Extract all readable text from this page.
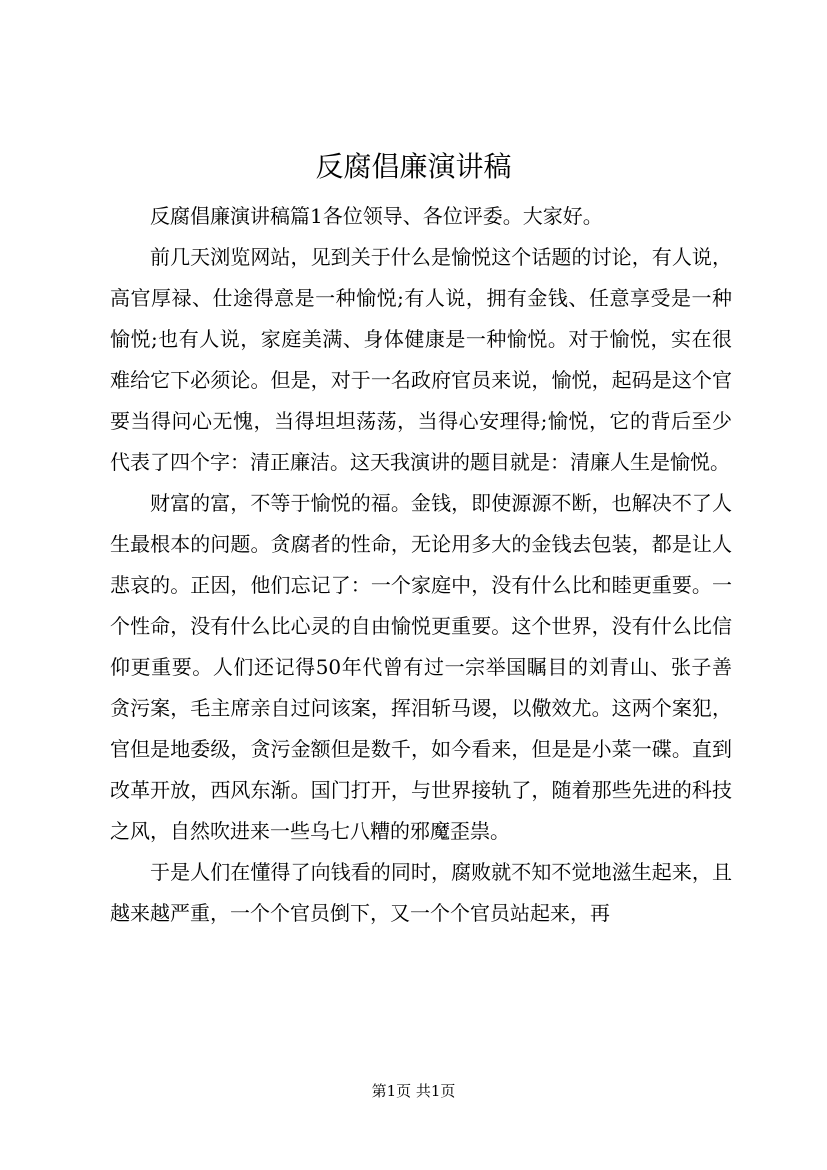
反腐倡廉演讲稿

反腐倡廉演讲稿篇1各位领导、各位评委。大家好。

前几天浏览网站，见到关于什么是愉悦这个话题的讨论，有人说，高官厚禄、仕途得意是一种愉悦;有人说，拥有金钱、任意享受是一种愉悦;也有人说，家庭美满、身体健康是一种愉悦。对于愉悦，实在很难给它下必须论。但是，对于一名政府官员来说，愉悦，起码是这个官要当得问心无愧，当得坦坦荡荡，当得心安理得;愉悦，它的背后至少代表了四个字：清正廉洁。这天我演讲的题目就是：清廉人生是愉悦。

财富的富，不等于愉悦的福。金钱，即使源源不断，也解决不了人生最根本的问题。贪腐者的性命，无论用多大的金钱去包装，都是让人悲哀的。正因，他们忘记了：一个家庭中，没有什么比和睦更重要。一个性命，没有什么比心灵的自由愉悦更重要。这个世界，没有什么比信仰更重要。人们还记得50年代曾有过一宗举国瞩目的刘青山、张子善贪污案，毛主席亲自过问该案，挥泪斩马谡，以儆效尤。这两个案犯，官但是地委级，贪污金额但是数千，如今看来，但是是小菜一碟。直到改革开放，西风东渐。国门打开，与世界接轨了，随着那些先进的科技之风，自然吹进来一些乌七八糟的邪魔歪祟。

于是人们在懂得了向钱看的同时，腐败就不知不觉地滋生起来，且越来越严重，一个个官员倒下，又一个个官员站起来，再

第1页 共1页
